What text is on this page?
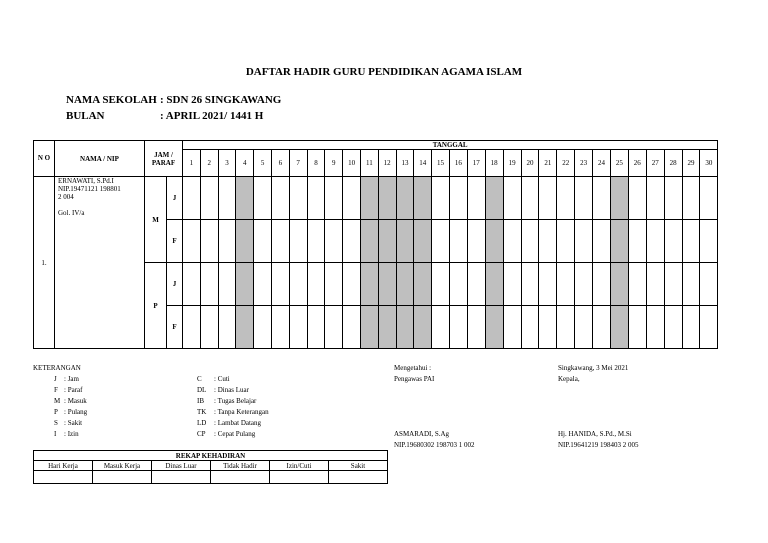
DAFTAR HADIR GURU PENDIDIKAN AGAMA ISLAM
NAMA SEKOLAH : SDN 26 SINGKAWANG
BULAN	: APRIL 2021/ 1441 H
N O	NAMA / NIP	JAM / PARAF		TANGGAL																													
				1	2	3	4	5	6	7	8	9	10	11	12	13	14	15	16	17	18	19	20	21	22	23	24	25	26	27	28	29	30
1.	ERNAWATI, S.Pd.I
NIP.19471121 198801
2 004

Gol. IV/a	M	J																														
			F																														
		P	J																														
			F																														
KETERANGAN
J : Jam
F : Paraf
M : Masuk
P : Pulang
S : Sakit
I : Izin
C : Cuti
DL : Dinas Luar
IB : Tugas Belajar
TK : Tanpa Keterangan
LD : Lambat Datang
CP : Cepat Pulang
REKAP KEHADIRAN					
Hari Kerja	Masuk Kerja	Dinas Luar	Tidak Hadir	Izin/Cuti	Sakit

Mengetahui :
Pengawas PAI
ASMARADI, S.Ag
NIP.19680302 198703 1 002
Singkawang, 3 Mei 2021
Kepala,
Hj. HANIDA, S.Pd., M.Si
NIP.19641219 198403 2 005
